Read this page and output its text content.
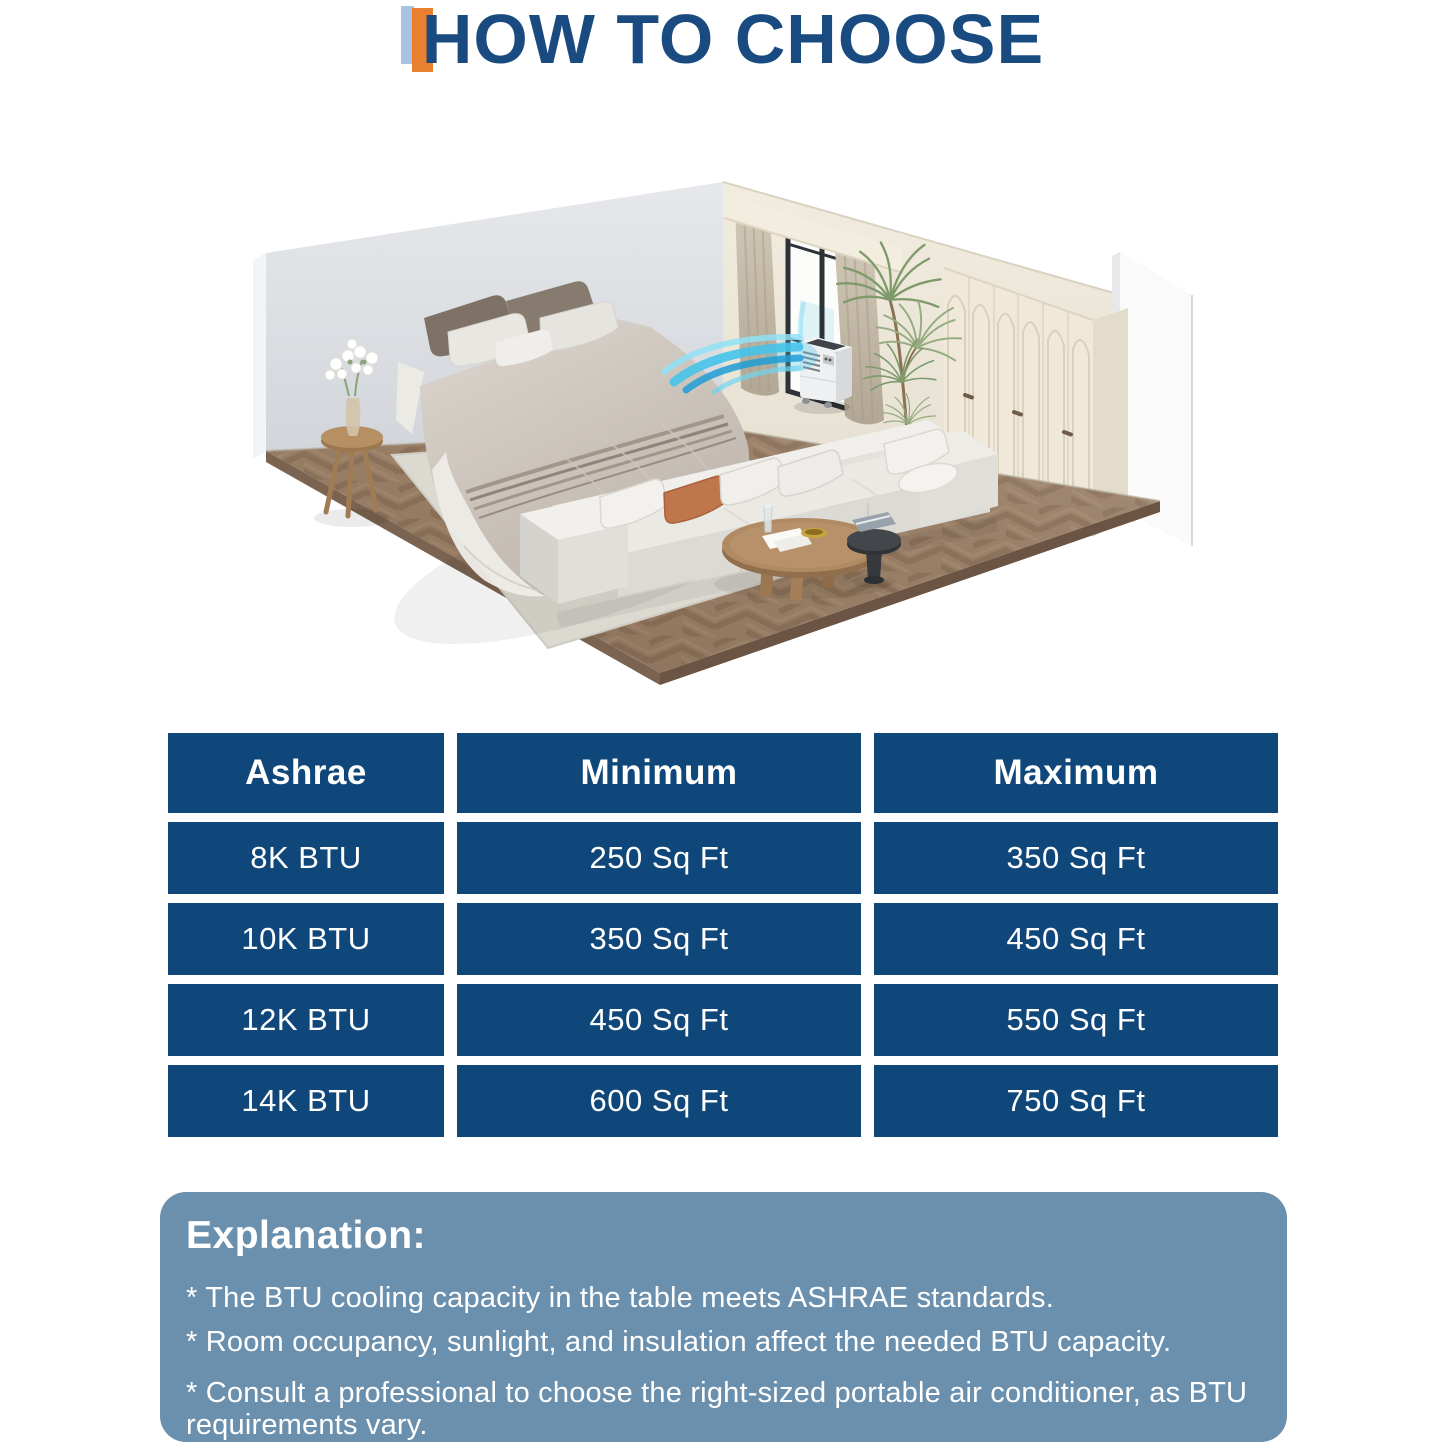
HOW TO CHOOSE
Ashrae	Minimum	Maximum
8K BTU	250 Sq Ft	350 Sq Ft
10K BTU	350 Sq Ft	450 Sq Ft
12K BTU	450 Sq Ft	550 Sq Ft
14K BTU	600 Sq Ft	750 Sq Ft
Explanation:

* The BTU cooling capacity in the table meets ASHRAE standards.

* Room occupancy, sunlight, and insulation affect the needed BTU capacity.

* Consult a professional to choose the right-sized portable air conditioner, as BTU requirements vary.
